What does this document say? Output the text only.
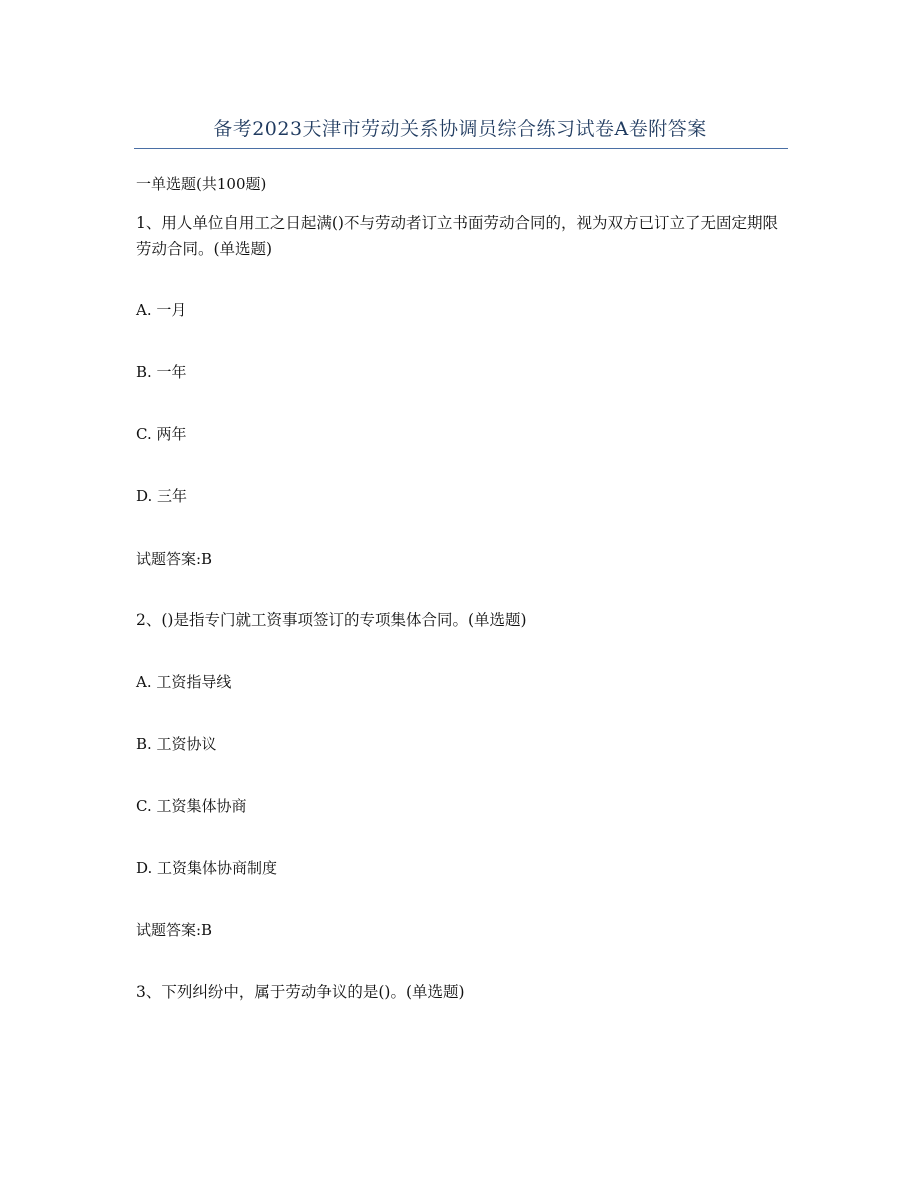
备考2023天津市劳动关系协调员综合练习试卷A卷附答案
一单选题(共100题)
1、用人单位自用工之日起满()不与劳动者订立书面劳动合同的，视为双方已订立了无固定期限劳动合同。(单选题)
A. 一月
B. 一年
C. 两年
D. 三年
试题答案:B
2、()是指专门就工资事项签订的专项集体合同。(单选题)
A. 工资指导线
B. 工资协议
C. 工资集体协商
D. 工资集体协商制度
试题答案:B
3、下列纠纷中，属于劳动争议的是()。(单选题)
